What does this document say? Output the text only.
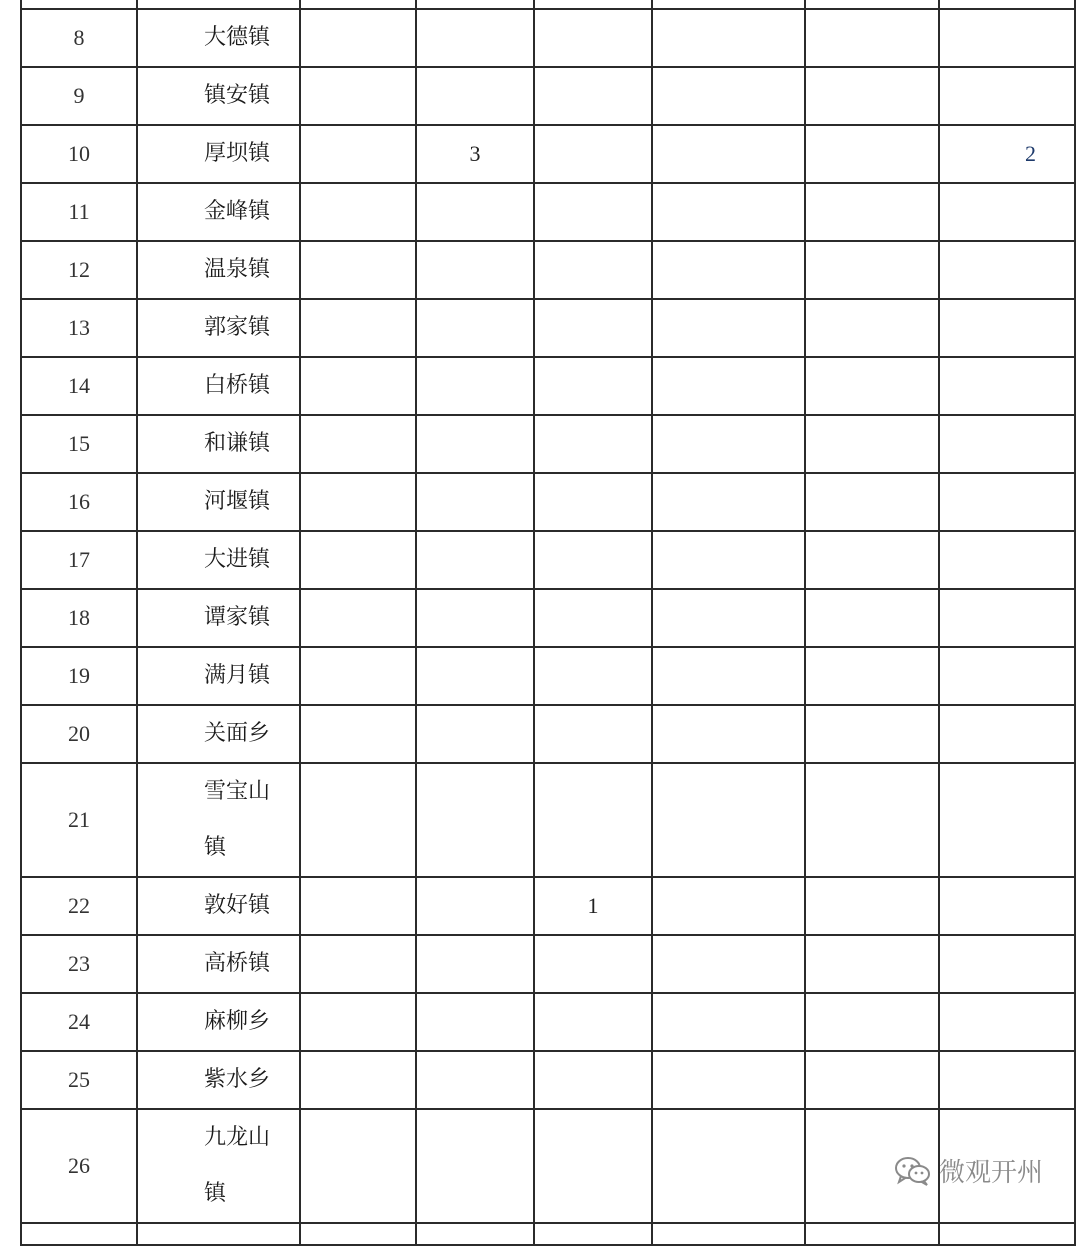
8	大德镇						

9	镇安镇						

10	厚坝镇		3				2
11	金峰镇						

12	温泉镇						

13	郭家镇						

14	白桥镇						

15	和谦镇						

16	河堰镇						

17	大进镇						

18	谭家镇						

19	满月镇						

20	关面乡						

21	雪宝山镇						

22	敦好镇			1			
23	高桥镇						

24	麻柳乡						

25	紫水乡						

26	九龙山镇						

微观开州
